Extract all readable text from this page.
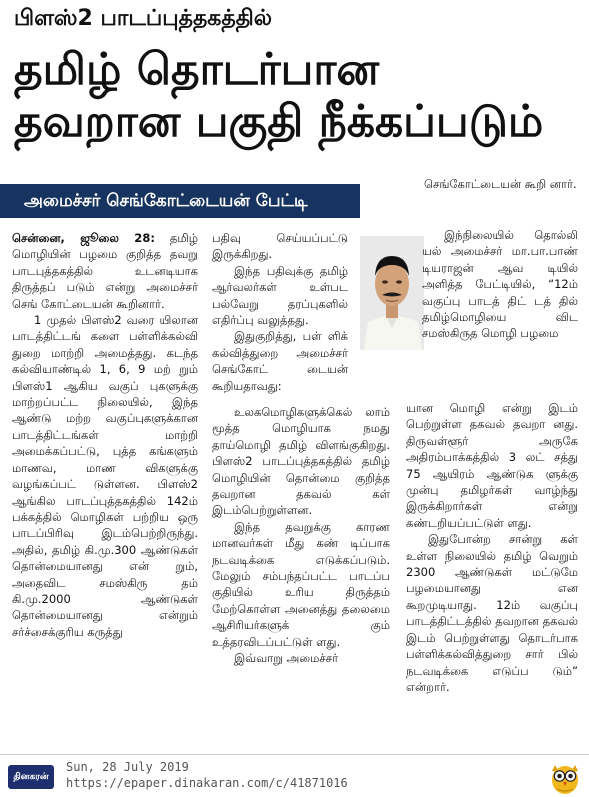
பிளஸ்2 பாடப்புத்தகத்தில்
தமிழ் தொடர்பான
தவறான பகுதி நீக்கப்படும்
அமைச்சர் செங்கோட்டையன் பேட்டி

சென்னை, ஜூலை 28: தமிழ் மொழியின் பழமை குறித்த தவறு பாடபுத்தகத்தில் உடனடியாக திருத்தப் படும் என்று அமைச்சர் செங் கோட்டையன் கூறினார்.

1 முதல் பிளஸ்2 வரை யிலான பாடத்திட்டங் களை பள்ளிக்கல்வி துறை மாற்றி அமைத்தது. கடந்த கல்வியாண்டில் 1, 6, 9 மற் றும் பிளஸ்1 ஆகிய வகுப் புகளுக்கு மாற்றப்பட்ட நிலையில், இந்த ஆண்டு மற்ற வகுப்புகளுக்கான பாடத்திட்டங்கள் மாற்றி அமைக்கப்பட்டு, புத்த கங்களும் மாணவ, மாண விகளுக்கு வழங்கப்பட் டுள்ளன. பிளஸ்2 ஆங்கில பாடப்புத்தகத்தில் 142ம் பக்கத்தில் மொழிகள் பற்றிய ஒரு பாடப்பிரிவு இடம்பெற்றிருந்து. அதில், தமிழ் கி.மு.300 ஆண்டுகள் தொன்மையானது என் றும், அதைவிட சமஸ்கிரு தம் கி.மு.2000 ஆண்டுகள் தொன்மையானது என்றும் சர்ச்சைக்குரிய கருத்து

பதிவு செய்யப்பட்டு இருக்கிறது.

இந்த பதிவுக்கு தமிழ் ஆர்வலர்கள் உள்பட பல்வேறு தரப்புகளில் எதிர்ப்பு வலுத்தது.

இதுகுறித்து, பள் ளிக் கல்வித்துறை அமைச்சர் செங்கோட் டையன் கூறியதாவது:

உலகமொழிகளுக்கெல் லாம் மூத்த மொழியாக நமது தாய்மொழி தமிழ் விளங்குகிறது. பிளஸ்2 பாடப்புத்தகத்தில் தமிழ் மொழியின் தொன்மை குறித்த தவறான தகவல் கள் இடம்பெற்றுள்ளன.

இந்த தவறுக்கு காரண மானவர்கள் மீது கண் டிப்பாக நடவடிக்கை எடுக்கப்படும். மேலும் சம்பந்தப்பட்ட பாடப்ப குதியில் உரிய திருத்தம் மேற்கொள்ள அனைத்து தலைமை ஆசிரியர்களுக் கும் உத்தரவிடப்பட்டுள் ளது.

இவ்வாறு அமைச்சர்

செங்கோட்டையன் கூறி னார்.

இந்நிலையில் தொல்லி யல் அமைச்சர் மா.பா.பாண் டியராஜன் ஆவ டியில் அளித்த பேட்டியில், “12ம் வகுப்பு பாடத் திட் டத் தில் தமிழ்மொழியை விட சமஸ்கிருத மொழி பழமை

யான மொழி என்று இடம் பெற்றுள்ள தகவல் தவறா னது. திருவள்ளூர் அருகே அதிரம்பாக்கத்தில் 3 லட் சத்து 75 ஆயிரம் ஆண்டுக ளுக்கு முன்பு தமிழர்கள் வாழ்ந்து இருக்கிறார்கள் என்று கண்டறியப்பட்டுள் ளது.

இதுபோன்ற சான்று கள் உள்ள நிலையில் தமிழ் வெறும் 2300 ஆண்டுகள் மட்டுமே பழமையானது என கூறமுடியாது. 12ம் வகுப்பு பாடத்திட்டத்தில் தவறான தகவல் இடம் பெற்றுள்ளது தொடர்பாக பள்ளிக்கல்வித்துறை சார் பில் நடவடிக்கை எடுப்ப டும்” என்றார்.

தினகரன்
Sun, 28 July 2019
https://epaper.dinakaran.com/c/41871016
